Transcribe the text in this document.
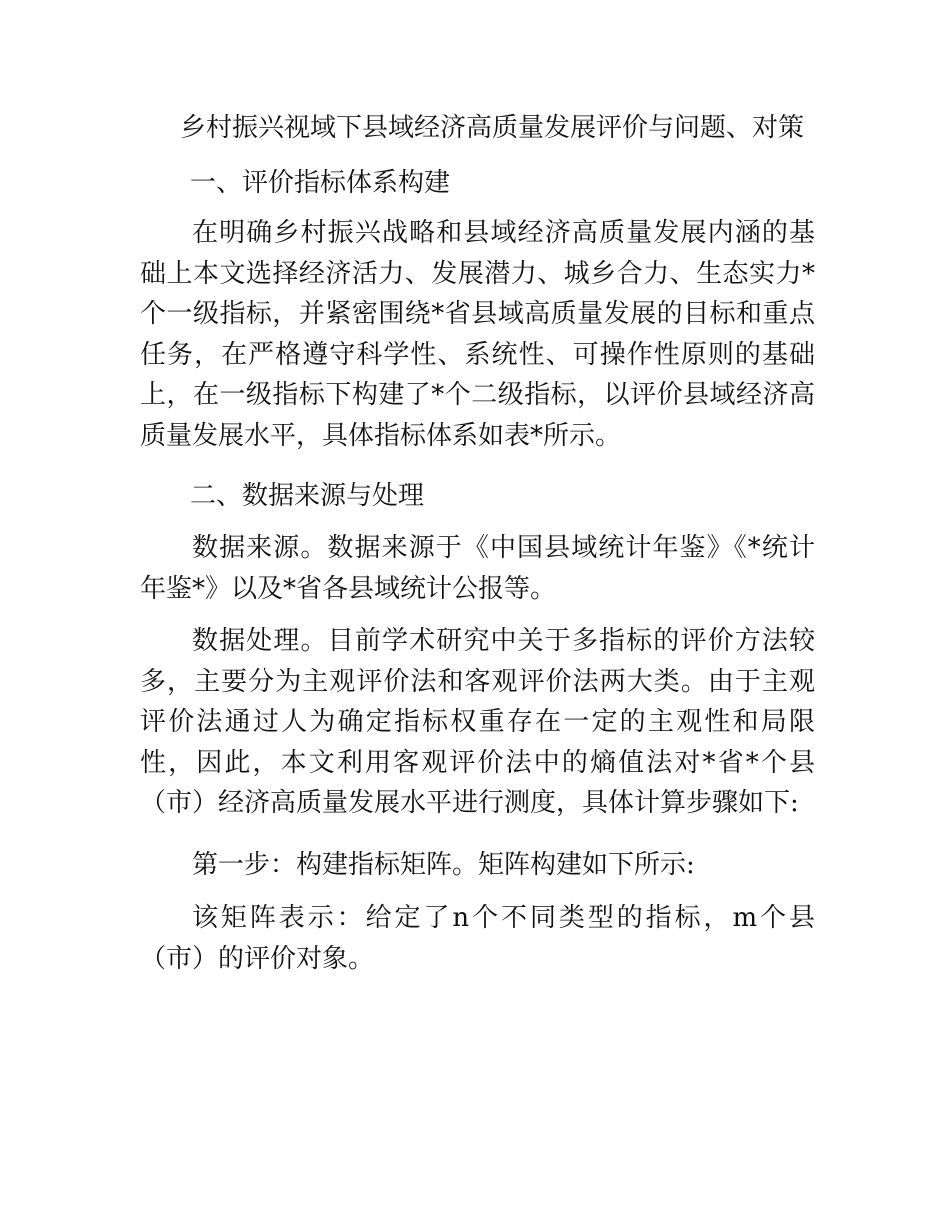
乡村振兴视域下县域经济高质量发展评价与问题、对策
一、评价指标体系构建

在明确乡村振兴战略和县域经济高质量发展内涵的基础上本文选择经济活力、发展潜力、城乡合力、生态实力*个一级指标，并紧密围绕*省县域高质量发展的目标和重点任务，在严格遵守科学性、系统性、可操作性原则的基础上，在一级指标下构建了*个二级指标，以评价县域经济高质量发展水平，具体指标体系如表*所示。

二、数据来源与处理

数据来源。数据来源于《中国县域统计年鉴》《*统计年鉴*》以及*省各县域统计公报等。

数据处理。目前学术研究中关于多指标的评价方法较多，主要分为主观评价法和客观评价法两大类。由于主观评价法通过人为确定指标权重存在一定的主观性和局限性，因此，本文利用客观评价法中的熵值法对*省*个县（市）经济高质量发展水平进行测度，具体计算步骤如下:

第一步：构建指标矩阵。矩阵构建如下所示:

该矩阵表示：给定了n个不同类型的指标，m个县（市）的评价对象。
